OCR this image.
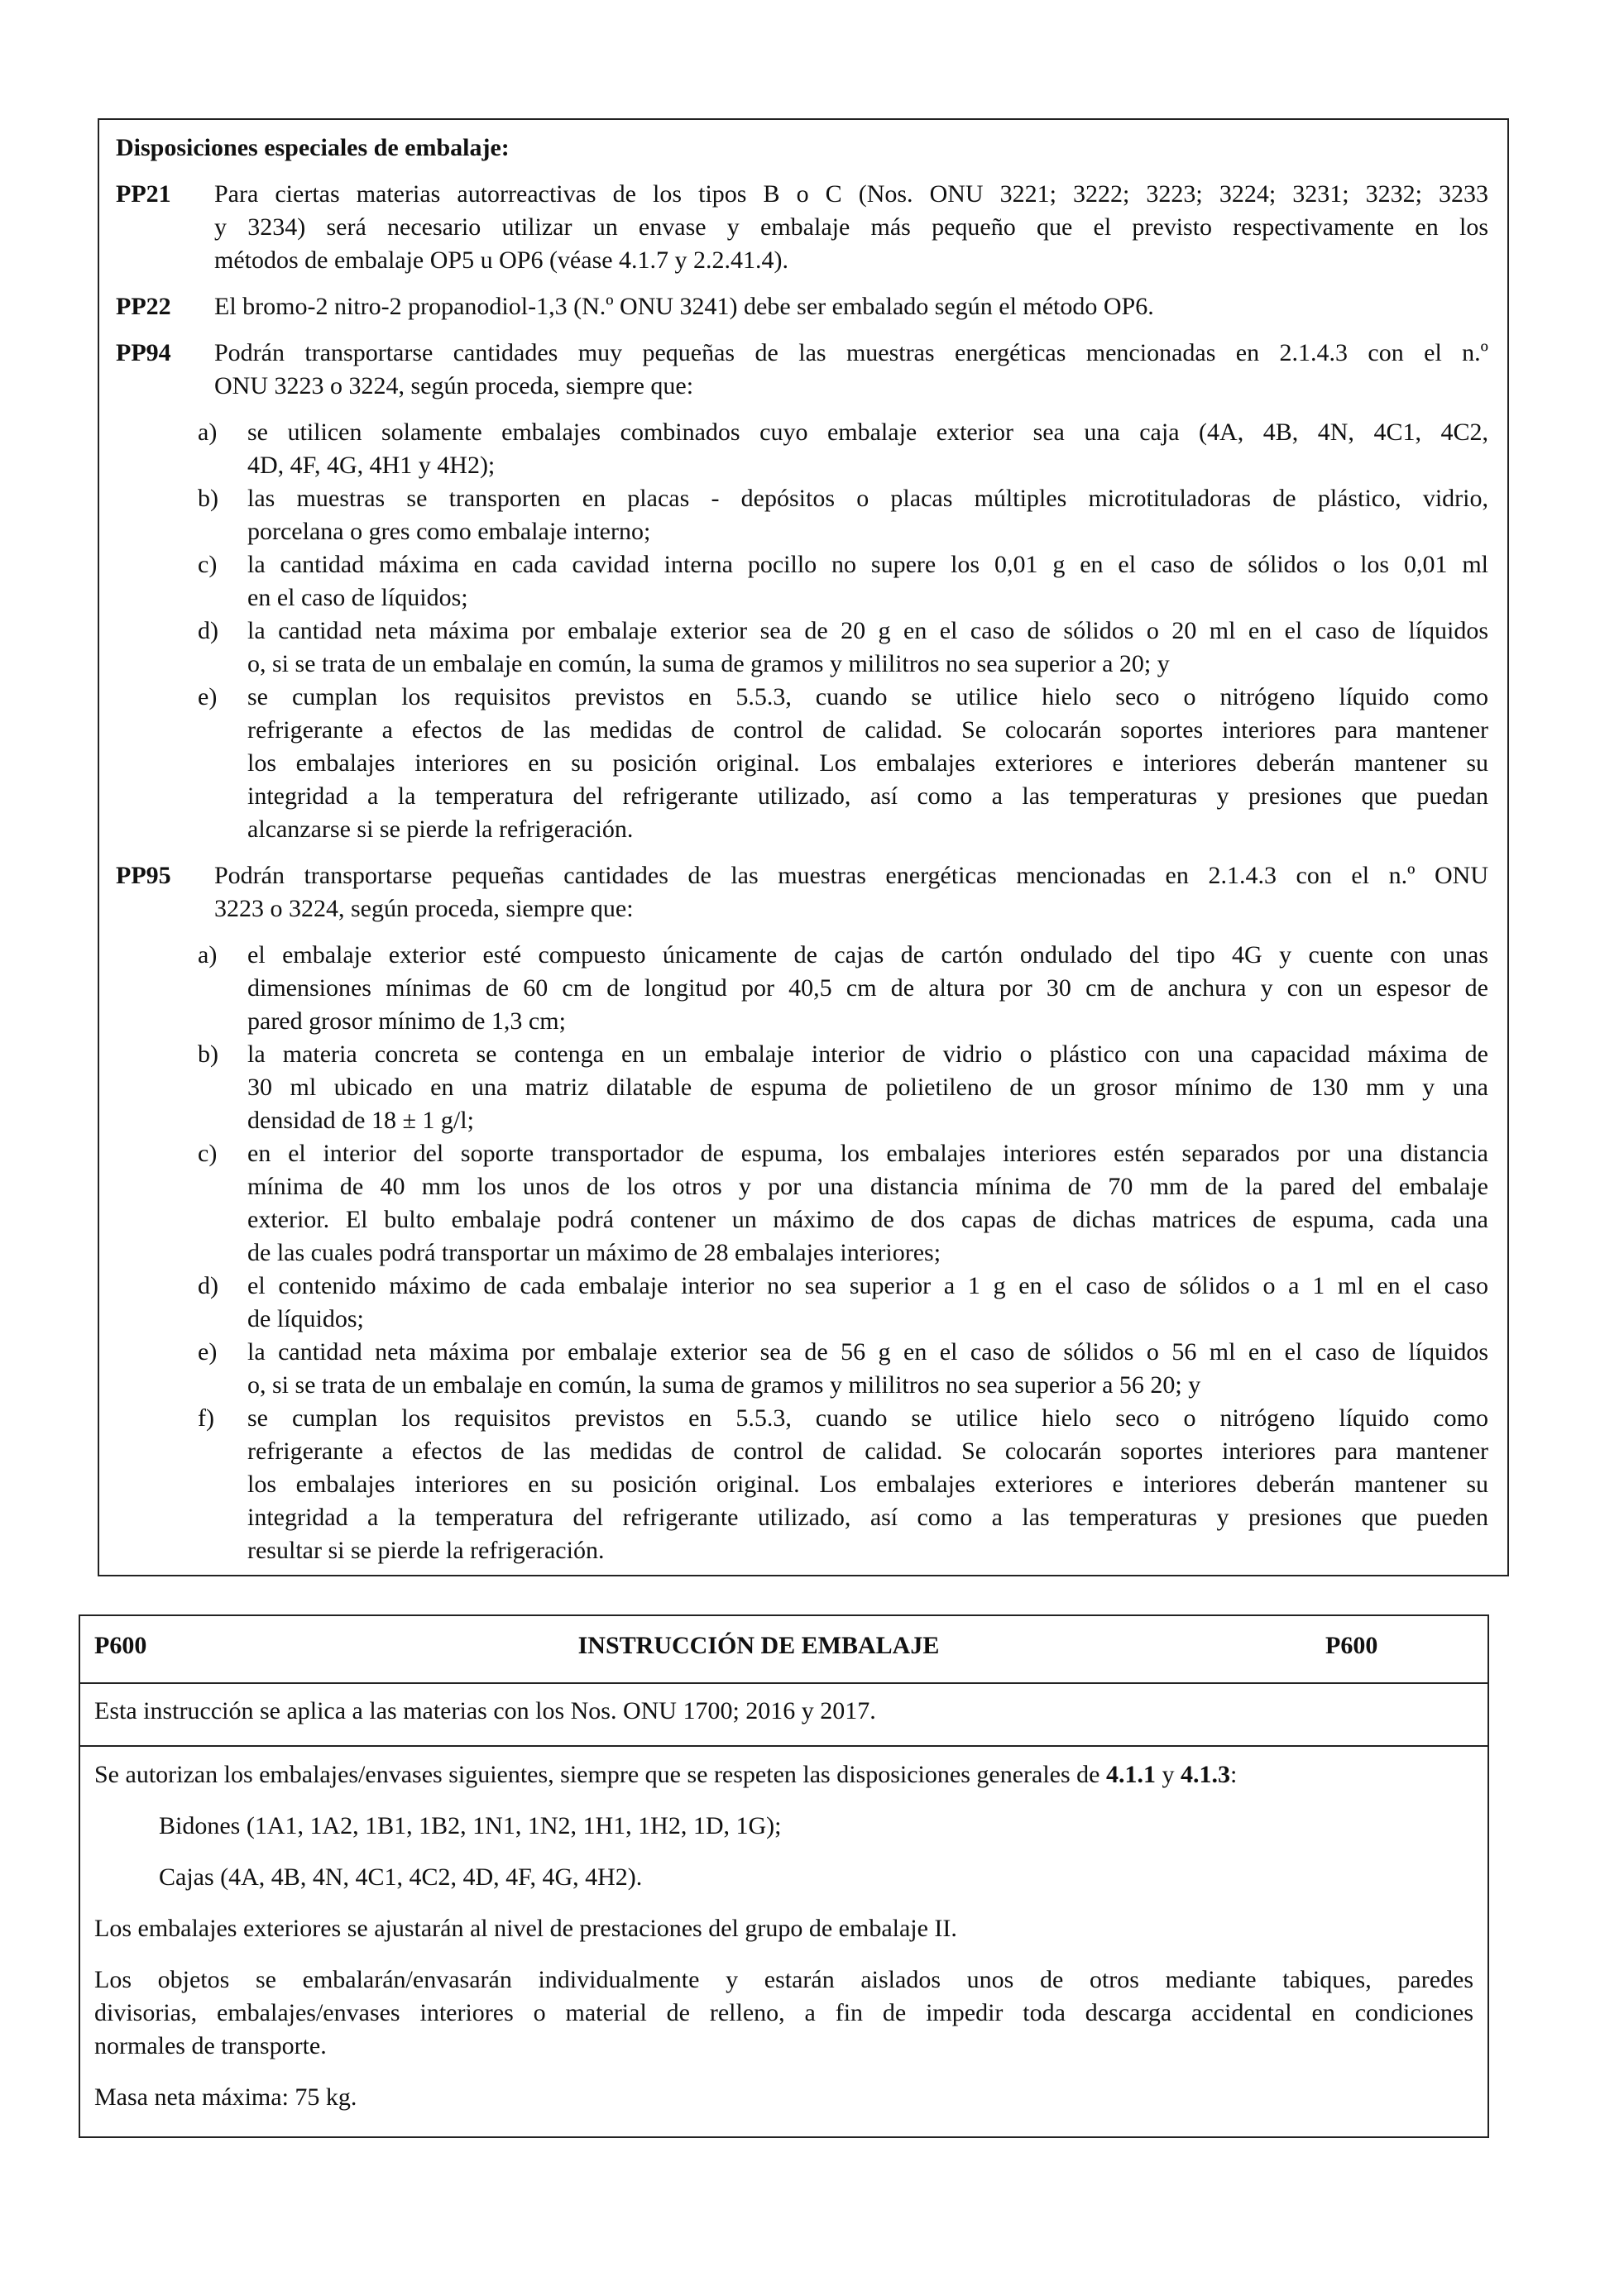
Disposiciones especiales de embalaje:
PP21 Para ciertas materias autorreactivas de los tipos B o C (Nos. ONU 3221; 3222; 3223; 3224; 3231; 3232; 3233
y 3234) será necesario utilizar un envase y embalaje más pequeño que el previsto respectivamente en los
métodos de embalaje OP5 u OP6 (véase 4.1.7 y 2.2.41.4).
PP22 El bromo-2 nitro-2 propanodiol-1,3 (N.º ONU 3241) debe ser embalado según el método OP6.
PP94 Podrán transportarse cantidades muy pequeñas de las muestras energéticas mencionadas en 2.1.4.3 con el n.º
ONU 3223 o 3224, según proceda, siempre que:
a) se utilicen solamente embalajes combinados cuyo embalaje exterior sea una caja (4A, 4B, 4N, 4C1, 4C2,
4D, 4F, 4G, 4H1 y 4H2);
b) las muestras se transporten en placas - depósitos o placas múltiples microtituladoras de plástico, vidrio,
porcelana o gres como embalaje interno;
c) la cantidad máxima en cada cavidad interna pocillo no supere los 0,01 g en el caso de sólidos o los 0,01 ml
en el caso de líquidos;
d) la cantidad neta máxima por embalaje exterior sea de 20 g en el caso de sólidos o 20 ml en el caso de líquidos
o, si se trata de un embalaje en común, la suma de gramos y mililitros no sea superior a 20; y
e) se cumplan los requisitos previstos en 5.5.3, cuando se utilice hielo seco o nitrógeno líquido como
refrigerante a efectos de las medidas de control de calidad. Se colocarán soportes interiores para mantener
los embalajes interiores en su posición original. Los embalajes exteriores e interiores deberán mantener su
integridad a la temperatura del refrigerante utilizado, así como a las temperaturas y presiones que puedan
alcanzarse si se pierde la refrigeración.
PP95 Podrán transportarse pequeñas cantidades de las muestras energéticas mencionadas en 2.1.4.3 con el n.º ONU
3223 o 3224, según proceda, siempre que:
a) el embalaje exterior esté compuesto únicamente de cajas de cartón ondulado del tipo 4G y cuente con unas
dimensiones mínimas de 60 cm de longitud por 40,5 cm de altura por 30 cm de anchura y con un espesor de
pared grosor mínimo de 1,3 cm;
b) la materia concreta se contenga en un embalaje interior de vidrio o plástico con una capacidad máxima de
30 ml ubicado en una matriz dilatable de espuma de polietileno de un grosor mínimo de 130 mm y una
densidad de 18 ± 1 g/l;
c) en el interior del soporte transportador de espuma, los embalajes interiores estén separados por una distancia
mínima de 40 mm los unos de los otros y por una distancia mínima de 70 mm de la pared del embalaje
exterior. El bulto embalaje podrá contener un máximo de dos capas de dichas matrices de espuma, cada una
de las cuales podrá transportar un máximo de 28 embalajes interiores;
d) el contenido máximo de cada embalaje interior no sea superior a 1 g en el caso de sólidos o a 1 ml en el caso
de líquidos;
e) la cantidad neta máxima por embalaje exterior sea de 56 g en el caso de sólidos o 56 ml en el caso de líquidos
o, si se trata de un embalaje en común, la suma de gramos y mililitros no sea superior a 56 20; y
f) se cumplan los requisitos previstos en 5.5.3, cuando se utilice hielo seco o nitrógeno líquido como
refrigerante a efectos de las medidas de control de calidad. Se colocarán soportes interiores para mantener
los embalajes interiores en su posición original. Los embalajes exteriores e interiores deberán mantener su
integridad a la temperatura del refrigerante utilizado, así como a las temperaturas y presiones que pueden
resultar si se pierde la refrigeración.
P600	INSTRUCCIÓN DE EMBALAJE	P600
Esta instrucción se aplica a las materias con los Nos. ONU 1700; 2016 y 2017.
Se autorizan los embalajes/envases siguientes, siempre que se respeten las disposiciones generales de 4.1.1 y 4.1.3:
Bidones (1A1, 1A2, 1B1, 1B2, 1N1, 1N2, 1H1, 1H2, 1D, 1G);
Cajas (4A, 4B, 4N, 4C1, 4C2, 4D, 4F, 4G, 4H2).
Los embalajes exteriores se ajustarán al nivel de prestaciones del grupo de embalaje II.
Los objetos se embalarán/envasarán individualmente y estarán aislados unos de otros mediante tabiques, paredes
divisorias, embalajes/envases interiores o material de relleno, a fin de impedir toda descarga accidental en condiciones
normales de transporte.
Masa neta máxima: 75 kg.
